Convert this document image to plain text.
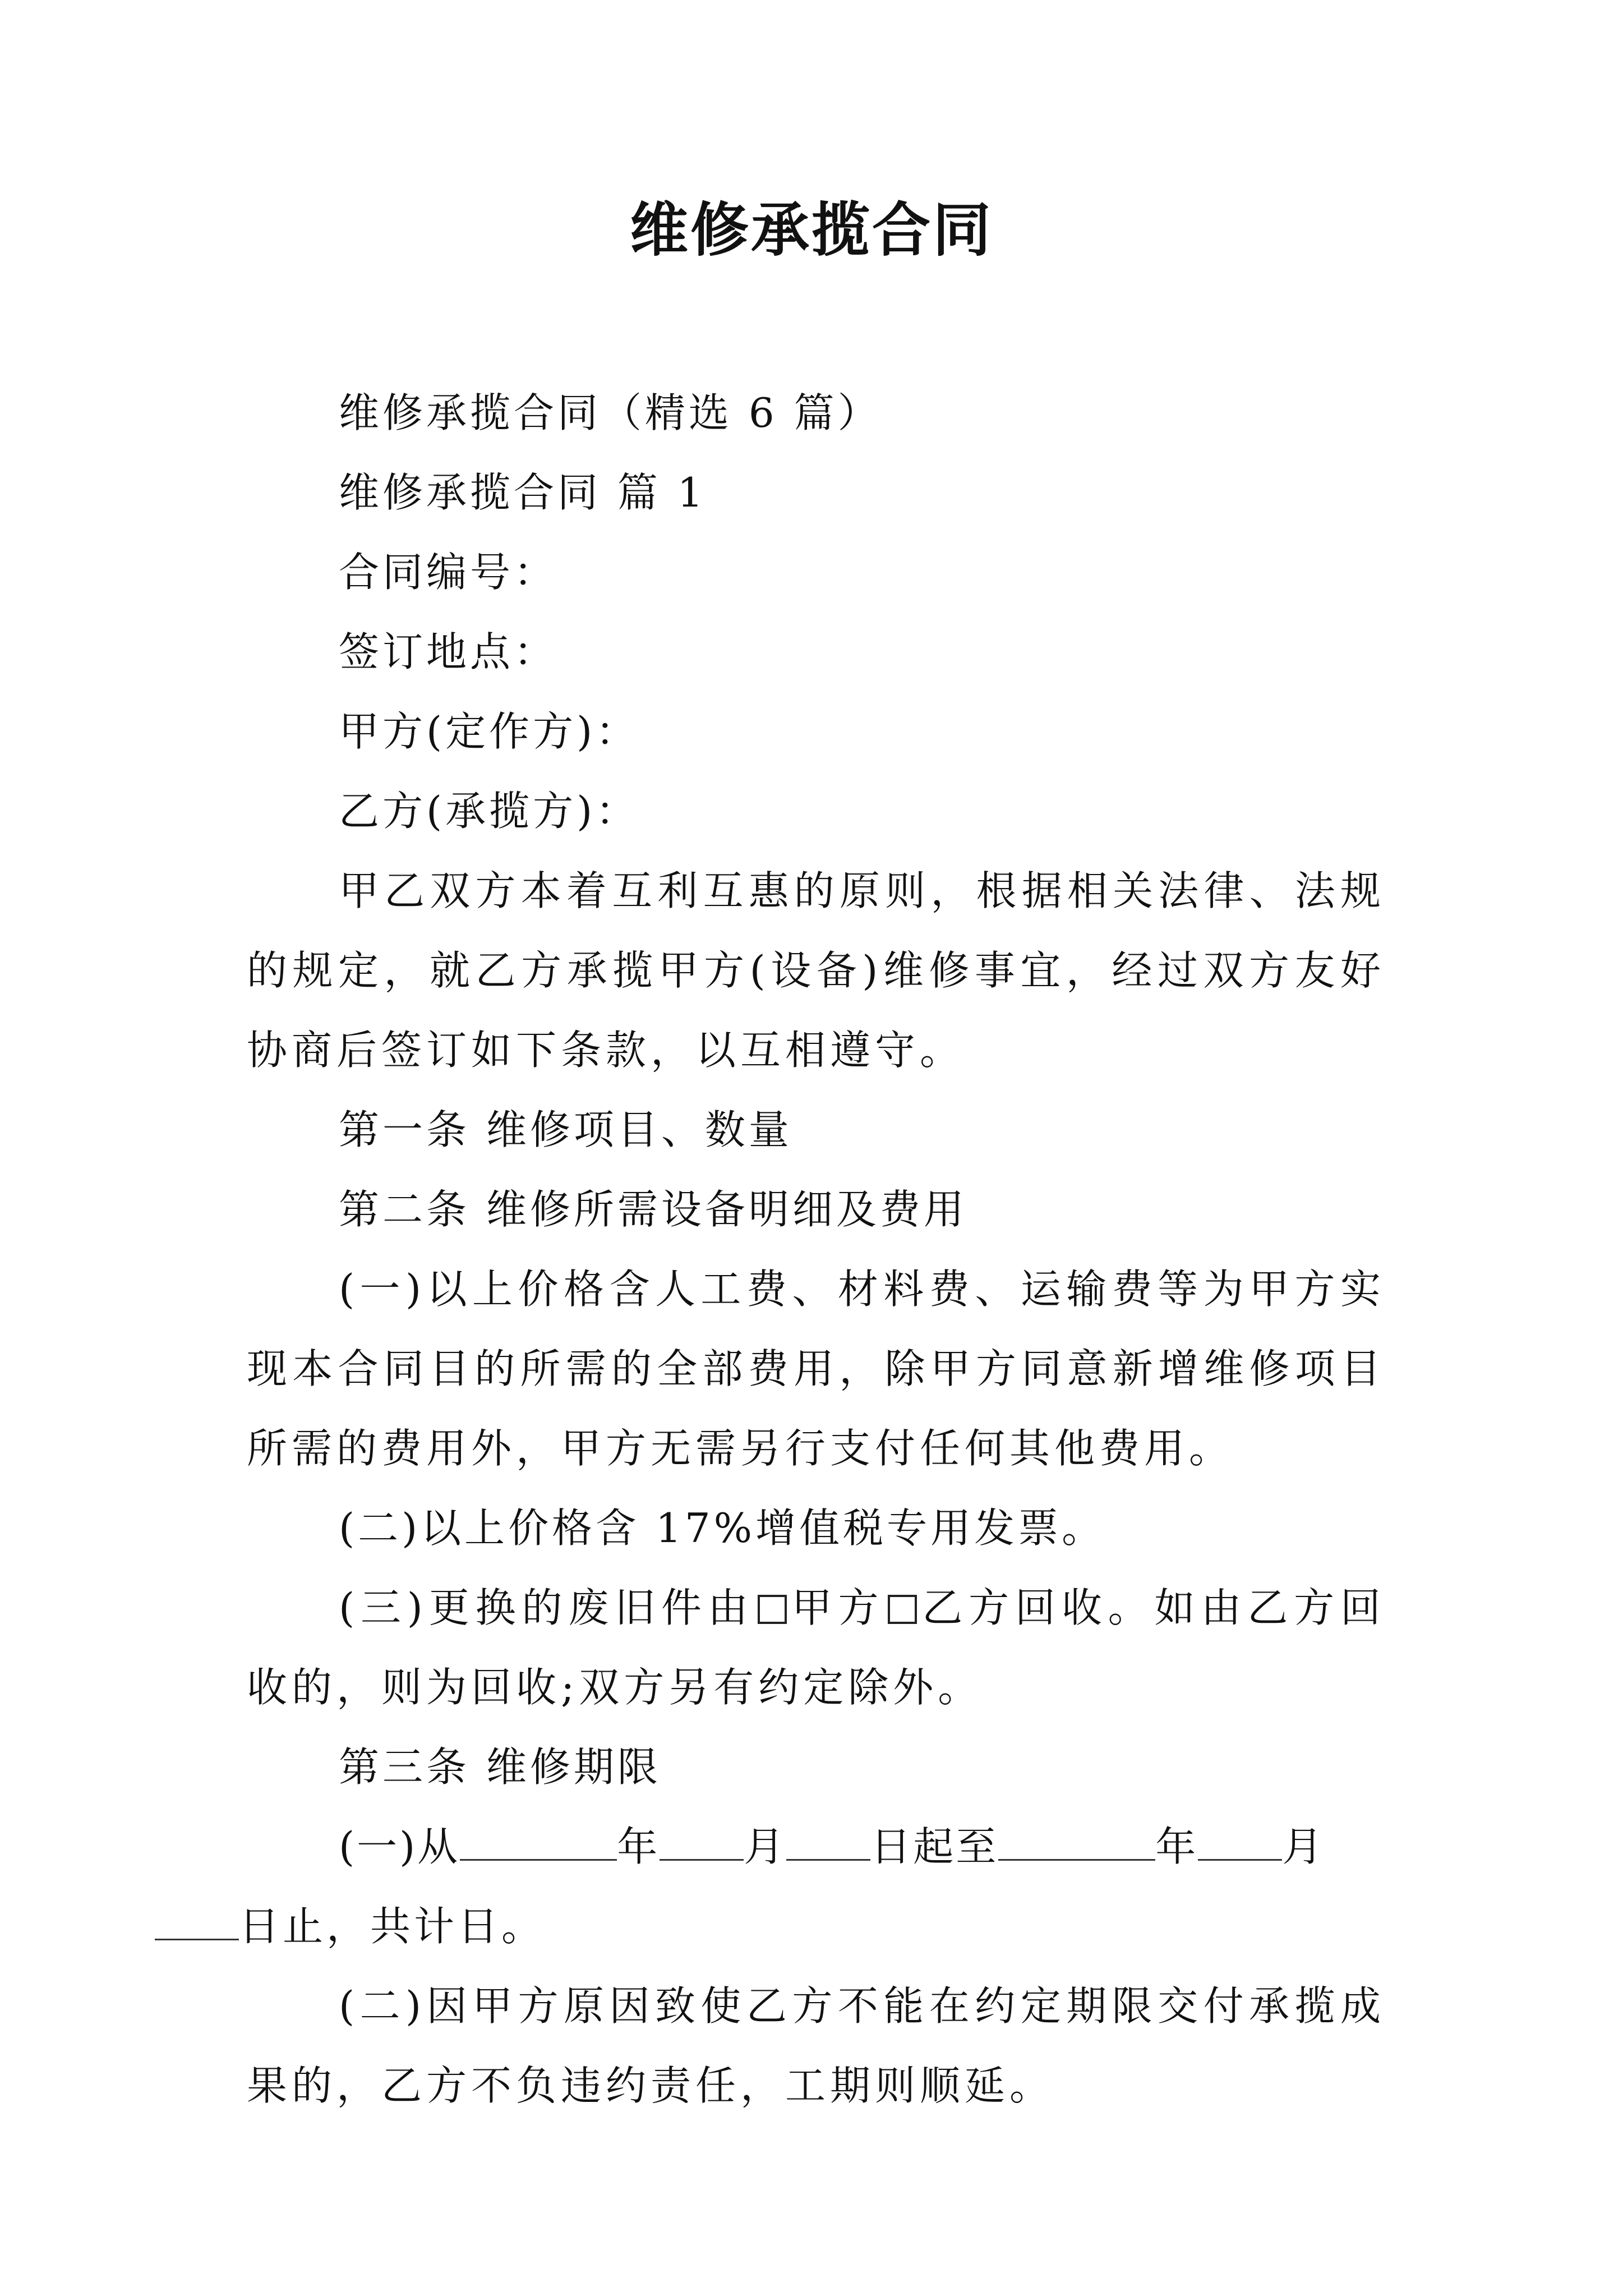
维修承揽合同

维修承揽合同（精选 6 篇）

维修承揽合同 篇 1

合同编号：

签订地点：

甲方(定作方)：

乙方(承揽方)：

甲乙双方本着互利互惠的原则，根据相关法律、法规的规定，就乙方承揽甲方(设备)维修事宜，经过双方友好协商后签订如下条款，以互相遵守。

第一条 维修项目、数量

第二条 维修所需设备明细及费用

(一)以上价格含人工费、材料费、运输费等为甲方实现本合同目的所需的全部费用，除甲方同意新增维修项目所需的费用外，甲方无需另行支付任何其他费用。

(二)以上价格含 17%增值税专用发票。

(三)更换的废旧件由 甲方 乙方回收。如由乙方回收的，则为回收;双方另有约定除外。

第三条 维修期限

(一)从	年 月 日起至	年 月
日止，共计日。

(二)因甲方原因致使乙方不能在约定期限交付承揽成果的，乙方不负违约责任，工期则顺延。
